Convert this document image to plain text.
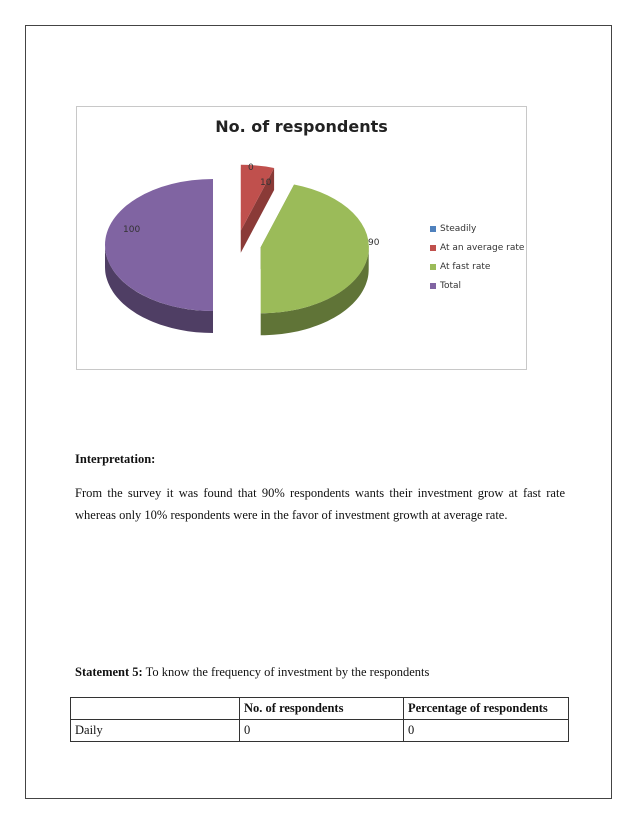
No. of respondents
0
10
90
100	Steadily
At an average rate
At fast rate
Total
Interpretation:
From the survey it was found that 90% respondents wants their investment grow at fast rate whereas only 10% respondents were in the favor of investment growth at average rate.
Statement 5: To know the frequency of investment by the respondents
	No. of respondents	Percentage of respondents
Daily	0	0
